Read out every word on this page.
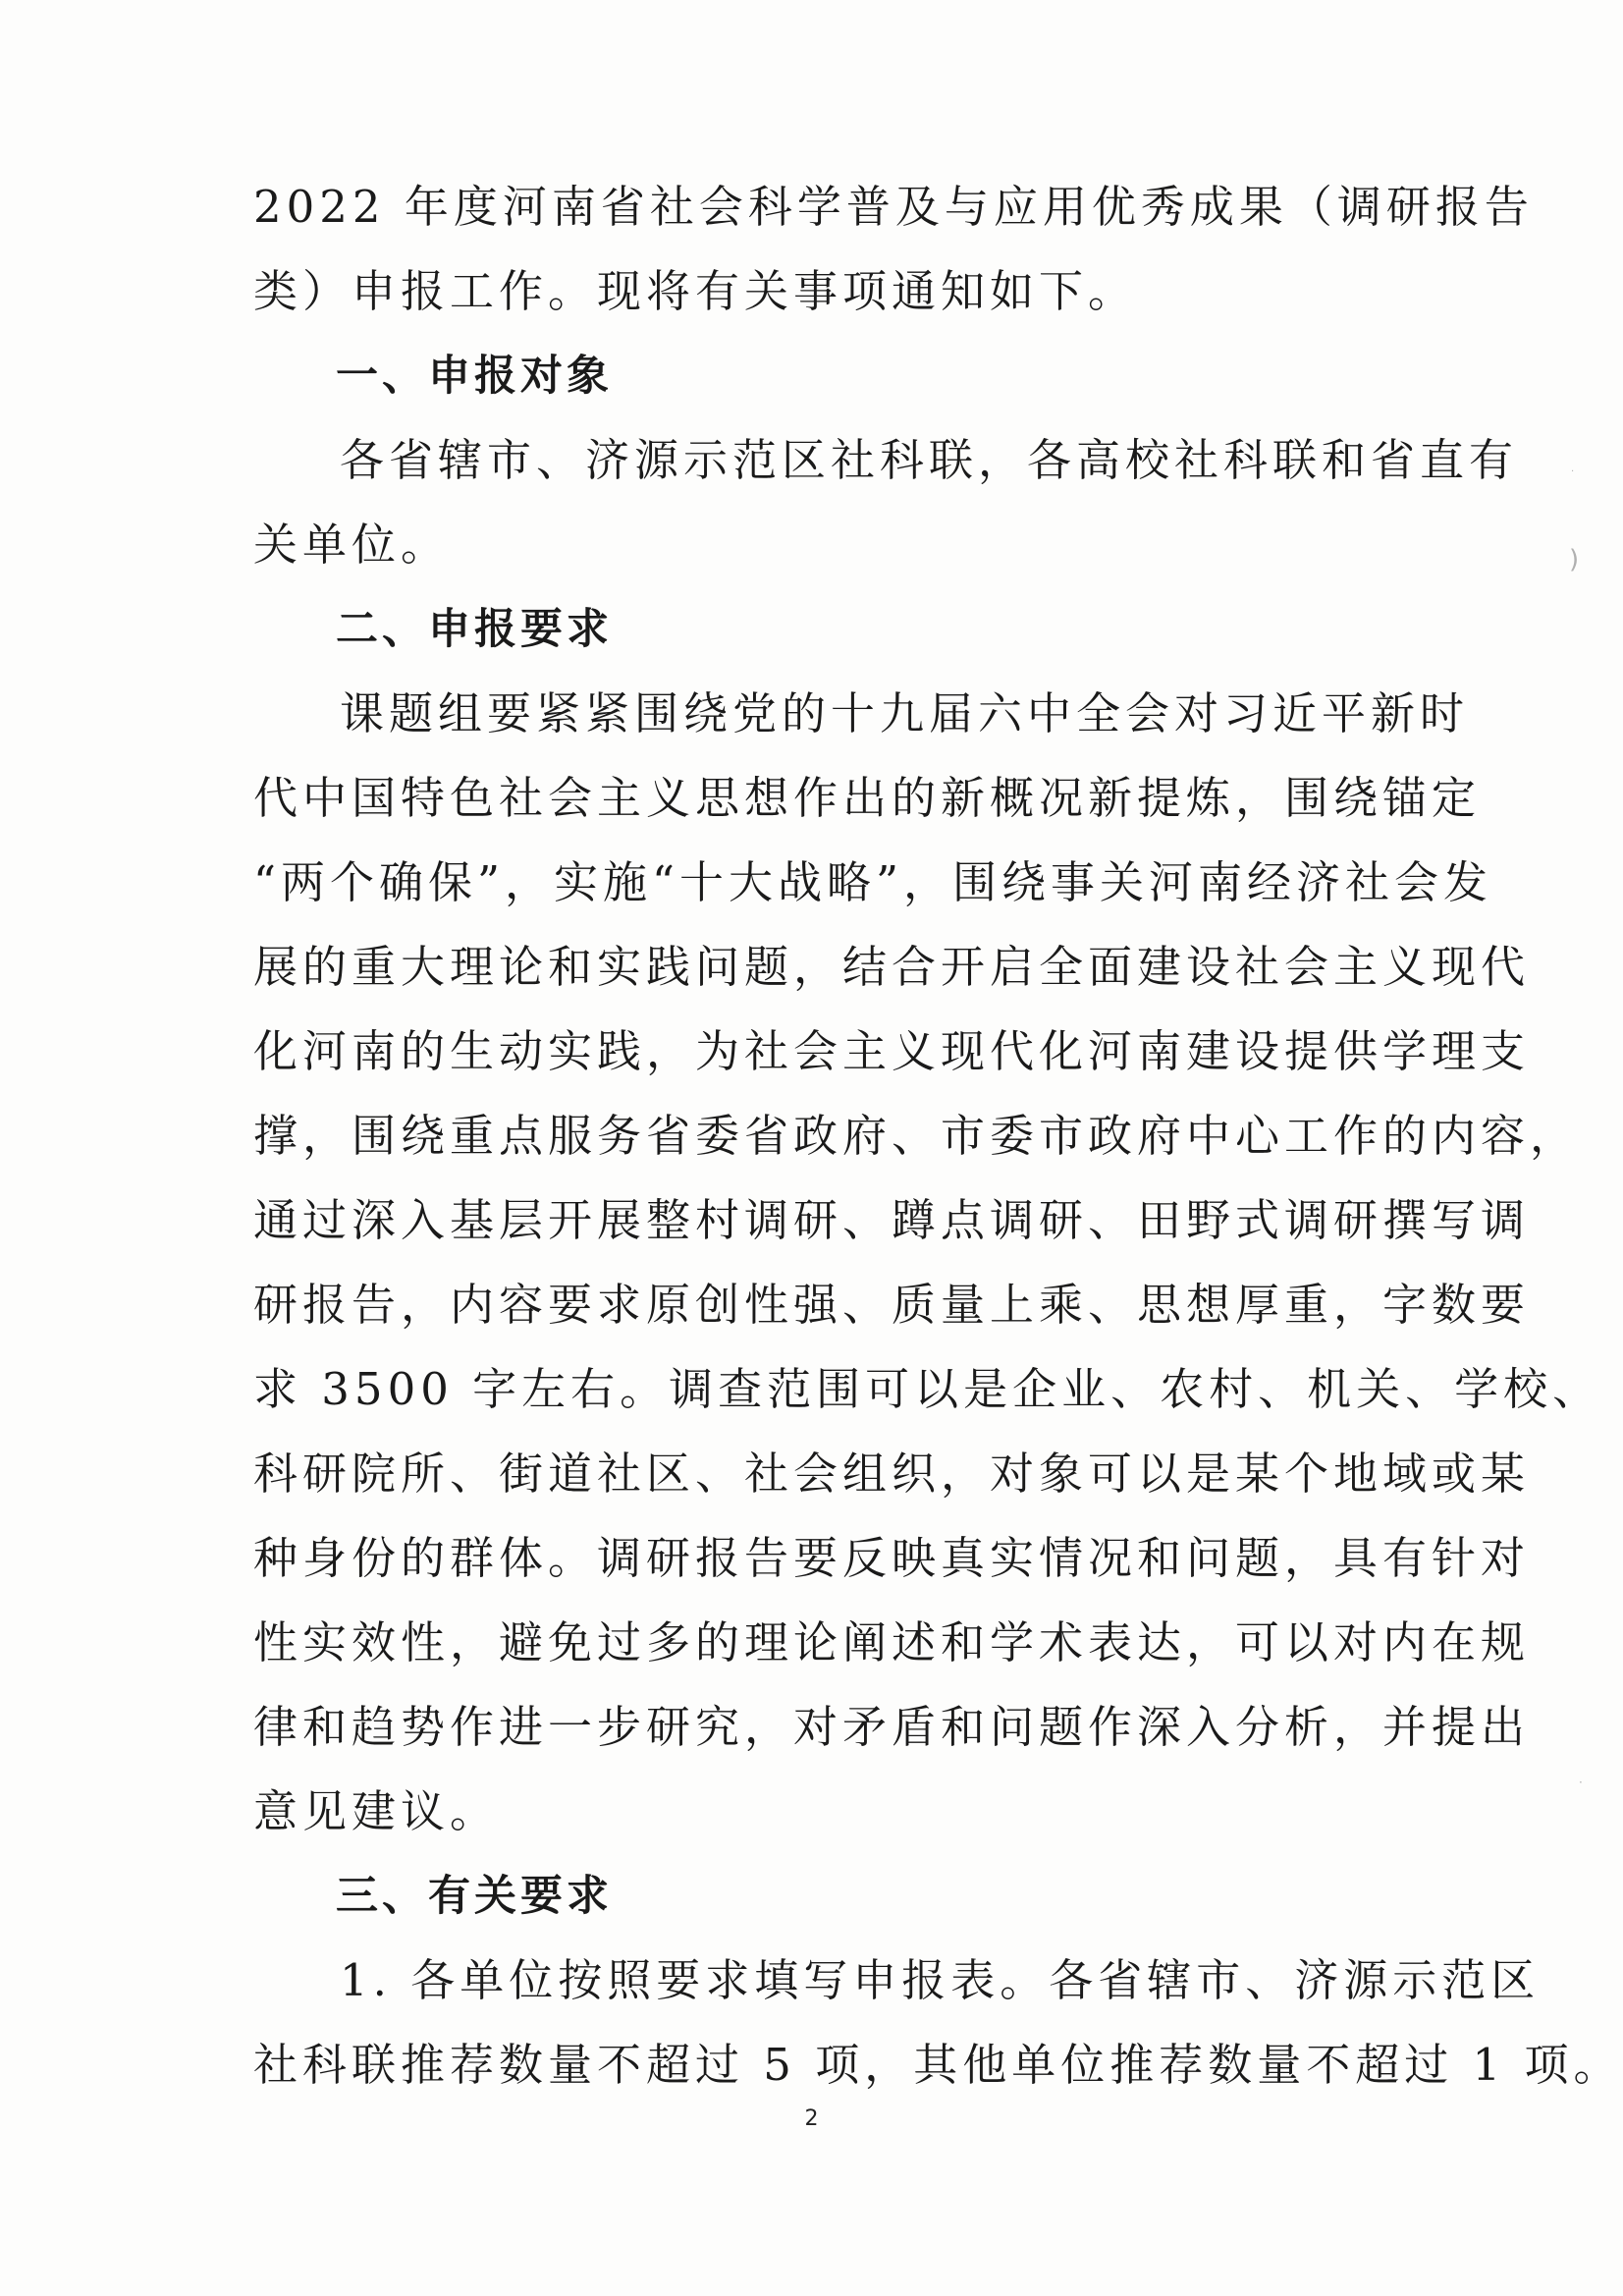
2022 年度河南省社会科学普及与应用优秀成果（调研报告
类）申报工作。现将有关事项通知如下。
一、申报对象
各省辖市、济源示范区社科联，各高校社科联和省直有
关单位。
二、申报要求
课题组要紧紧围绕党的十九届六中全会对习近平新时
代中国特色社会主义思想作出的新概况新提炼，围绕锚定
“两个确保”，实施“十大战略”，围绕事关河南经济社会发
展的重大理论和实践问题，结合开启全面建设社会主义现代
化河南的生动实践，为社会主义现代化河南建设提供学理支
撑，围绕重点服务省委省政府、市委市政府中心工作的内容，
通过深入基层开展整村调研、蹲点调研、田野式调研撰写调
研报告，内容要求原创性强、质量上乘、思想厚重，字数要
求 3500 字左右。调查范围可以是企业、农村、机关、学校、
科研院所、街道社区、社会组织，对象可以是某个地域或某
种身份的群体。调研报告要反映真实情况和问题，具有针对
性实效性，避免过多的理论阐述和学术表达，可以对内在规
律和趋势作进一步研究，对矛盾和问题作深入分析，并提出
意见建议。
三、有关要求
1. 各单位按照要求填写申报表。各省辖市、济源示范区
社科联推荐数量不超过 5 项，其他单位推荐数量不超过 1 项。
2
)
·
·
